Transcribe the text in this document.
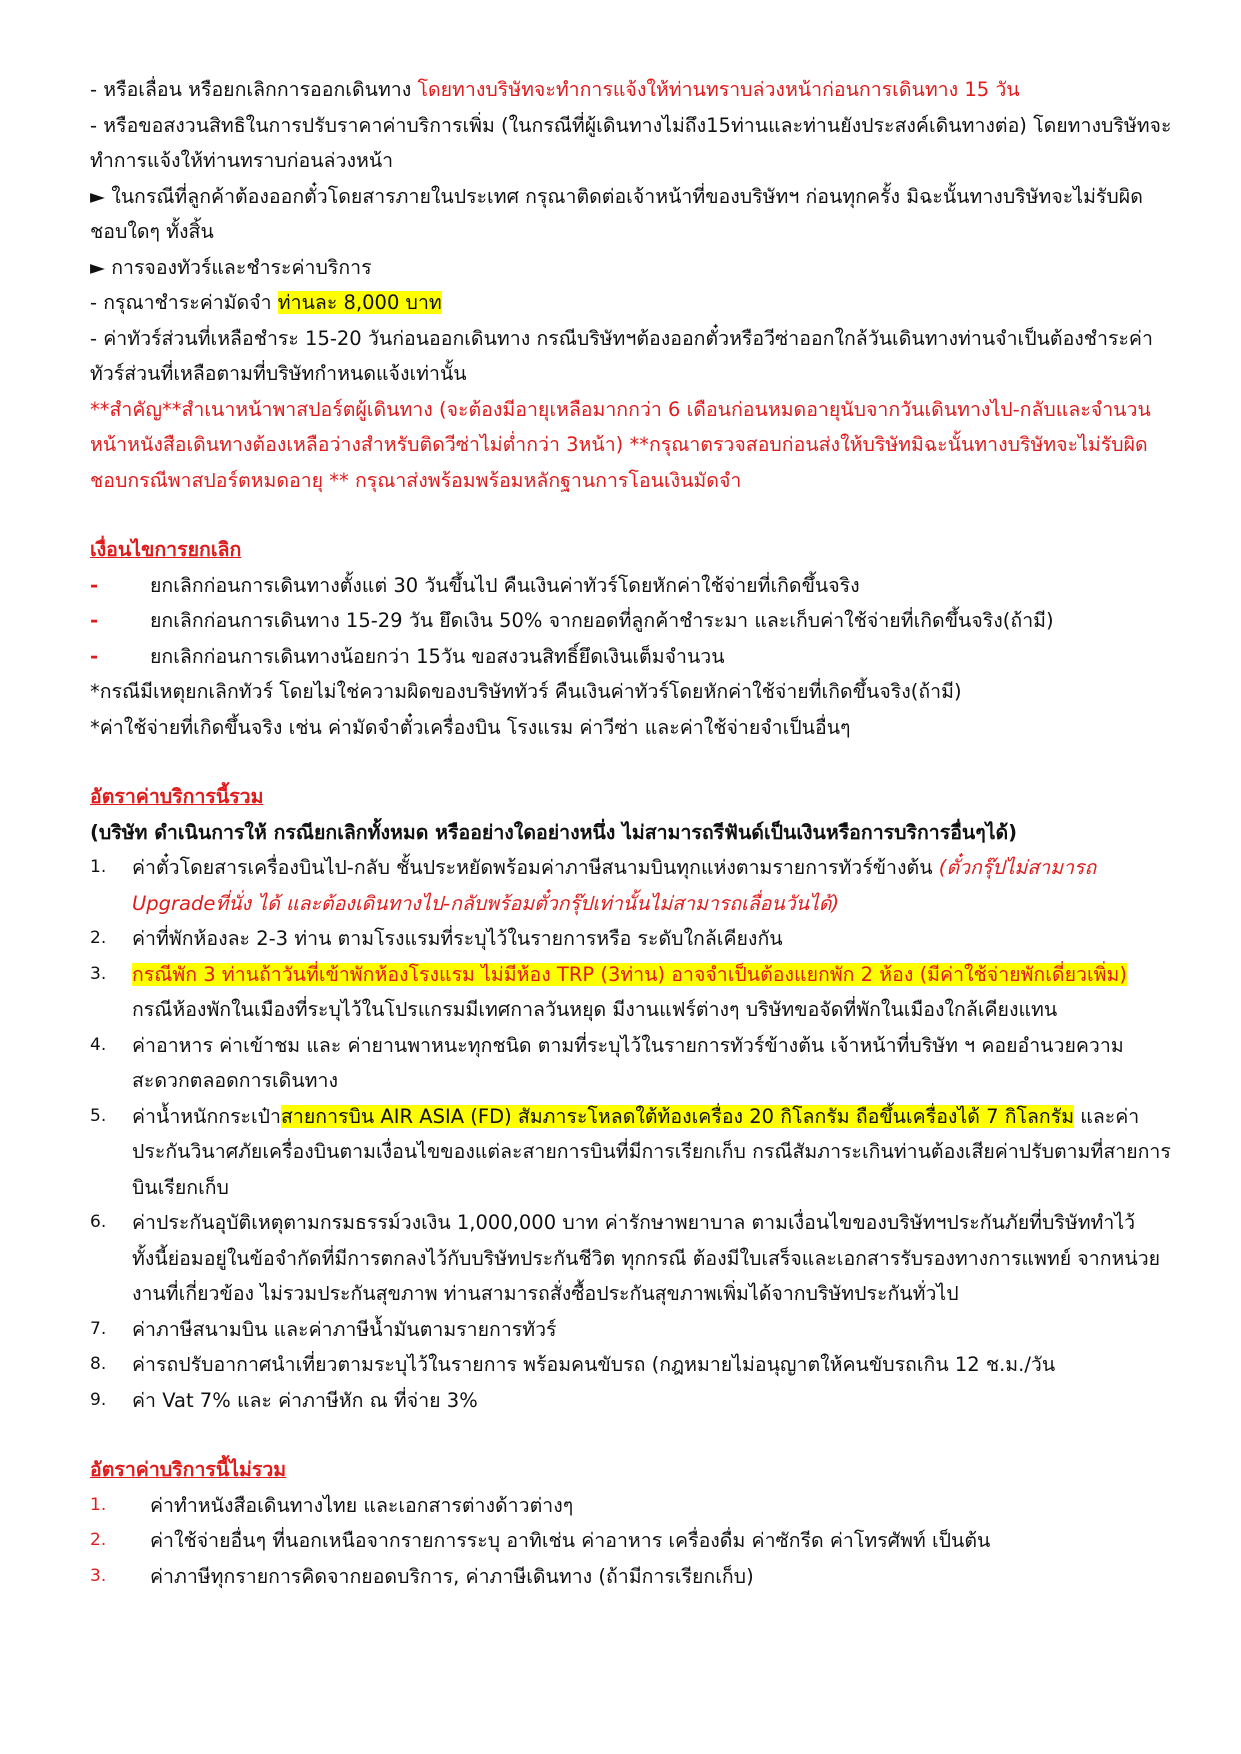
- หรือเลื่อน หรือยกเลิกการออกเดินทาง โดยทางบริษัทจะทำการแจ้งให้ท่านทราบล่วงหน้าก่อนการเดินทาง 15 วัน

- หรือขอสงวนสิทธิในการปรับราคาค่าบริการเพิ่ม (ในกรณีที่ผู้เดินทางไม่ถึง15ท่านและท่านยังประสงค์เดินทางต่อ) โดยทางบริษัทจะทำการแจ้งให้ท่านทราบก่อนล่วงหน้า

► ในกรณีที่ลูกค้าต้องออกตั๋วโดยสารภายในประเทศ กรุณาติดต่อเจ้าหน้าที่ของบริษัทฯ ก่อนทุกครั้ง มิฉะนั้นทางบริษัทจะไม่รับผิดชอบใดๆ ทั้งสิ้น

► การจองทัวร์และชำระค่าบริการ

- กรุณาชำระค่ามัดจำ ท่านละ 8,000 บาท

- ค่าทัวร์ส่วนที่เหลือชำระ 15-20 วันก่อนออกเดินทาง กรณีบริษัทฯต้องออกตั๋วหรือวีซ่าออกใกล้วันเดินทางท่านจำเป็นต้องชำระค่าทัวร์ส่วนที่เหลือตามที่บริษัทกำหนดแจ้งเท่านั้น

**สำคัญ**สำเนาหน้าพาสปอร์ตผู้เดินทาง (จะต้องมีอายุเหลือมากกว่า 6 เดือนก่อนหมดอายุนับจากวันเดินทางไป-กลับและจำนวนหน้าหนังสือเดินทางต้องเหลือว่างสำหรับติดวีซ่าไม่ต่ำกว่า 3หน้า) **กรุณาตรวจสอบก่อนส่งให้บริษัทมิฉะนั้นทางบริษัทจะไม่รับผิดชอบกรณีพาสปอร์ตหมดอายุ ** กรุณาส่งพร้อมพร้อมหลักฐานการโอนเงินมัดจำ

เงื่อนไขการยกเลิก

-	ยกเลิกก่อนการเดินทางตั้งแต่ 30 วันขึ้นไป คืนเงินค่าทัวร์โดยหักค่าใช้จ่ายที่เกิดขึ้นจริง
-	ยกเลิกก่อนการเดินทาง 15-29 วัน ยึดเงิน 50% จากยอดที่ลูกค้าชำระมา และเก็บค่าใช้จ่ายที่เกิดขึ้นจริง(ถ้ามี)
-	ยกเลิกก่อนการเดินทางน้อยกว่า 15วัน ขอสงวนสิทธิ์ยึดเงินเต็มจำนวน

*กรณีมีเหตุยกเลิกทัวร์ โดยไม่ใช่ความผิดของบริษัททัวร์ คืนเงินค่าทัวร์โดยหักค่าใช้จ่ายที่เกิดขึ้นจริง(ถ้ามี)

*ค่าใช้จ่ายที่เกิดขึ้นจริง เช่น ค่ามัดจำตั๋วเครื่องบิน โรงแรม ค่าวีซ่า และค่าใช้จ่ายจำเป็นอื่นๆ

อัตราค่าบริการนี้รวม

(บริษัท ดำเนินการให้ กรณียกเลิกทั้งหมด หรืออย่างใดอย่างหนึ่ง ไม่สามารถรีฟันด์เป็นเงินหรือการบริการอื่นๆได้)

1.	ค่าตั๋วโดยสารเครื่องบินไป-กลับ ชั้นประหยัดพร้อมค่าภาษีสนามบินทุกแห่งตามรายการทัวร์ข้างต้น (ตั๋วกรุ๊ปไม่สามารถ Upgradeที่นั่ง ได้ และต้องเดินทางไป-กลับพร้อมตั๋วกรุ๊ปเท่านั้นไม่สามารถเลื่อนวันได้)
2.	ค่าที่พักห้องละ 2-3 ท่าน ตามโรงแรมที่ระบุไว้ในรายการหรือ ระดับใกล้เคียงกัน
3.	กรณีพัก 3 ท่านถ้าวันที่เข้าพักห้องโรงแรม ไม่มีห้อง TRP (3ท่าน) อาจจำเป็นต้องแยกพัก 2 ห้อง (มีค่าใช้จ่ายพักเดี่ยวเพิ่ม)
กรณีห้องพักในเมืองที่ระบุไว้ในโปรแกรมมีเทศกาลวันหยุด มีงานแฟร์ต่างๆ บริษัทขอจัดที่พักในเมืองใกล้เคียงแทน
4.	ค่าอาหาร ค่าเข้าชม และ ค่ายานพาหนะทุกชนิด ตามที่ระบุไว้ในรายการทัวร์ข้างต้น เจ้าหน้าที่บริษัท ฯ คอยอำนวยความสะดวกตลอดการเดินทาง
5.	ค่าน้ำหนักกระเป๋าสายการบิน AIR ASIA (FD) สัมภาระโหลดใต้ท้องเครื่อง 20 กิโลกรัม ถือขึ้นเครื่องได้ 7 กิโลกรัม และค่าประกันวินาศภัยเครื่องบินตามเงื่อนไขของแต่ละสายการบินที่มีการเรียกเก็บ กรณีสัมภาระเกินท่านต้องเสียค่าปรับตามที่สายการบินเรียกเก็บ
6.	ค่าประกันอุบัติเหตุตามกรมธรรม์วงเงิน 1,000,000 บาท ค่ารักษาพยาบาล ตามเงื่อนไขของบริษัทฯประกันภัยที่บริษัททำไว้ ทั้งนี้ย่อมอยู่ในข้อจำกัดที่มีการตกลงไว้กับบริษัทประกันชีวิต ทุกกรณี ต้องมีใบเสร็จและเอกสารรับรองทางการแพทย์ จากหน่วยงานที่เกี่ยวข้อง ไม่รวมประกันสุขภาพ ท่านสามารถสั่งซื้อประกันสุขภาพเพิ่มได้จากบริษัทประกันทั่วไป
7.	ค่าภาษีสนามบิน และค่าภาษีน้ำมันตามรายการทัวร์
8.	ค่ารถปรับอากาศนำเที่ยวตามระบุไว้ในรายการ พร้อมคนขับรถ (กฎหมายไม่อนุญาตให้คนขับรถเกิน 12 ช.ม./วัน
9.	ค่า Vat 7% และ ค่าภาษีหัก ณ ที่จ่าย 3%

อัตราค่าบริการนี้ไม่รวม

1.	ค่าทำหนังสือเดินทางไทย และเอกสารต่างด้าวต่างๆ
2.	ค่าใช้จ่ายอื่นๆ ที่นอกเหนือจากรายการระบุ อาทิเช่น ค่าอาหาร เครื่องดื่ม ค่าซักรีด ค่าโทรศัพท์ เป็นต้น
3.	ค่าภาษีทุกรายการคิดจากยอดบริการ, ค่าภาษีเดินทาง (ถ้ามีการเรียกเก็บ)
